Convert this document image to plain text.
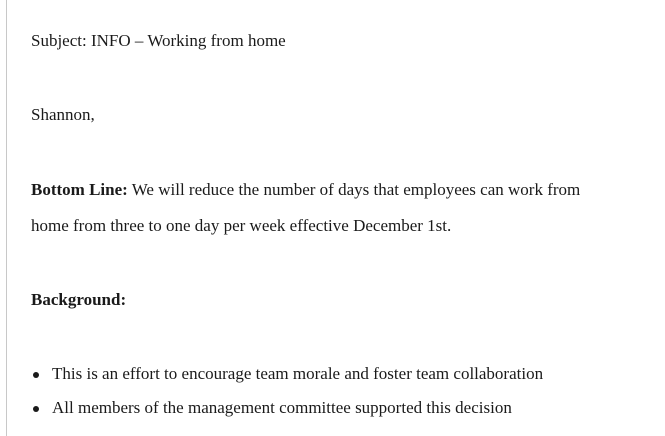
Subject: INFO – Working from home
Shannon,
Bottom Line: We will reduce the number of days that employees can work from
home from three to one day per week effective December 1st.
Background:
This is an effort to encourage team morale and foster team collaboration
All members of the management committee supported this decision
